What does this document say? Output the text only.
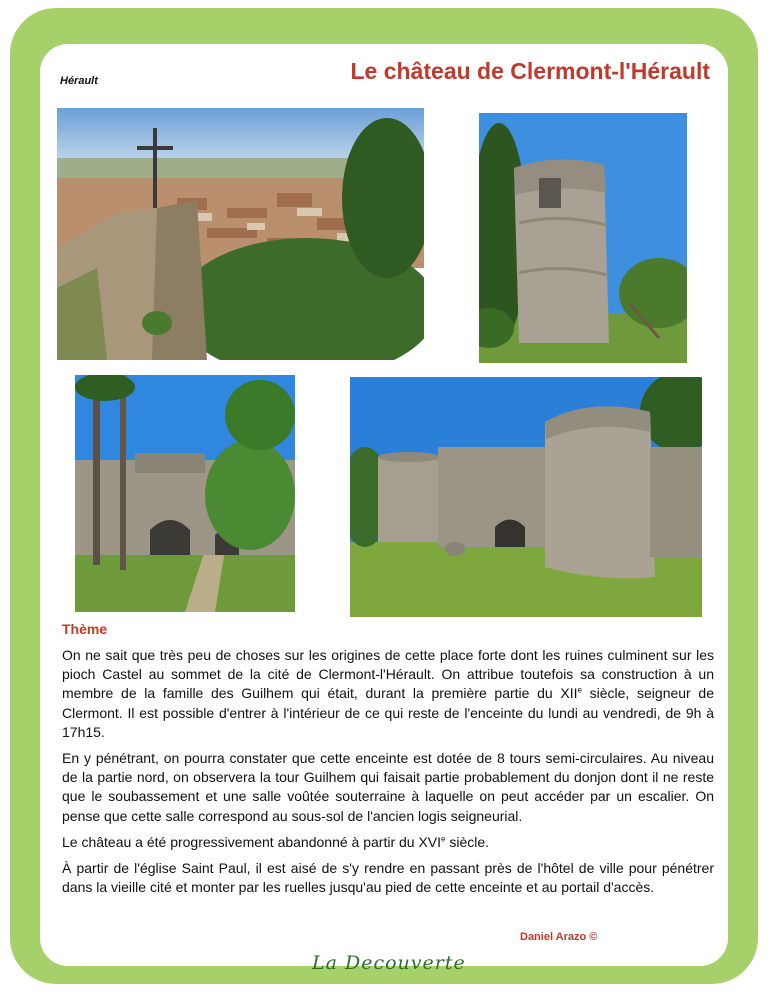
Hérault	Le château de Clermont-l'Hérault
Thème

On ne sait que très peu de choses sur les origines de cette place forte dont les ruines culminent sur les pioch Castel au sommet de la cité de Clermont-l'Hérault. On attribue toutefois sa construction à un membre de la famille des Guilhem qui était, durant la première partie du XIIe siècle, seigneur de Clermont. Il est possible d'entrer à l'intérieur de ce qui reste de l'enceinte du lundi au vendredi, de 9h à 17h15.

En y pénétrant, on pourra constater que cette enceinte est dotée de 8 tours semi-circulaires. Au niveau de la partie nord, on observera la tour Guilhem qui faisait partie probablement du donjon dont il ne reste que le soubassement et une salle voûtée souterraine à laquelle on peut accéder par un escalier. On pense que cette salle correspond au sous-sol de l'ancien logis seigneurial.

Le château a été progressivement abandonné à partir du XVIe siècle.

À partir de l'église Saint Paul, il est aisé de s'y rendre en passant près de l'hôtel de ville pour pénétrer dans la vieille cité et monter par les ruelles jusqu'au pied de cette enceinte et au portail d'accès.

Daniel Arazo ©
La Decouverte
